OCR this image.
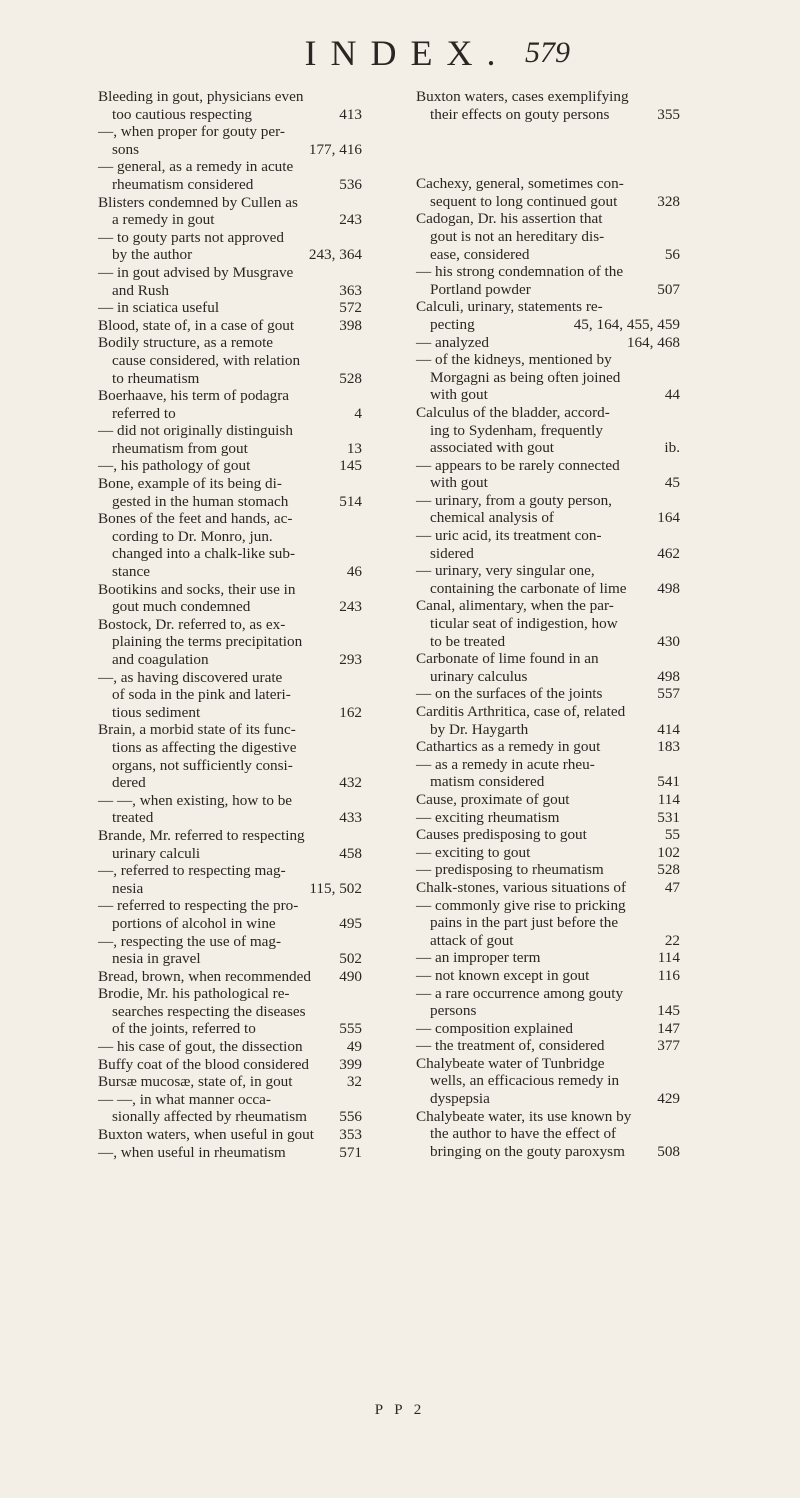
INDEX. 579
Bleeding in gout, physicians even
too cautious respecting	413
—, when proper for gouty per-
sons	177, 416
— general, as a remedy in acute
rheumatism considered	536
Blisters condemned by Cullen as
a remedy in gout	243
— to gouty parts not approved
by the author	243, 364
— in gout advised by Musgrave
and Rush	363
— in sciatica useful	572
Blood, state of, in a case of gout	398
Bodily structure, as a remote
cause considered, with relation
to rheumatism	528
Boerhaave, his term of podagra
referred to	4
— did not originally distinguish
rheumatism from gout	13
—, his pathology of gout	145
Bone, example of its being di-
gested in the human stomach	514
Bones of the feet and hands, ac-
cording to Dr. Monro, jun.
changed into a chalk-like sub-
stance	46
Bootikins and socks, their use in
gout much condemned	243
Bostock, Dr. referred to, as ex-
plaining the terms precipitation
and coagulation	293
—, as having discovered urate
of soda in the pink and lateri-
tious sediment	162
Brain, a morbid state of its func-
tions as affecting the digestive
organs, not sufficiently consi-
dered	432
— —, when existing, how to be
treated	433
Brande, Mr. referred to respecting
urinary calculi	458
—, referred to respecting mag-
nesia	115, 502
— referred to respecting the pro-
portions of alcohol in wine	495
—, respecting the use of mag-
nesia in gravel	502
Bread, brown, when recommended 490
Brodie, Mr. his pathological re-
searches respecting the diseases
of the joints, referred to	555
— his case of gout, the dissection	49
Buffy coat of the blood considered 399
Bursæ mucosæ, state of, in gout	32
— —, in what manner occa-
sionally affected by rheumatism 556
Buxton waters, when useful in gout 353
—, when useful in rheumatism	571
Buxton waters, cases exemplifying
their effects on gouty persons	355
Cachexy, general, sometimes con-
sequent to long continued gout	328
Cadogan, Dr. his assertion that
gout is not an hereditary dis-
ease, considered	56
— his strong condemnation of the
Portland powder	507
Calculi, urinary, statements re-
pecting	45, 164, 455, 459
— analyzed	164, 468
— of the kidneys, mentioned by
Morgagni as being often joined
with gout	44
Calculus of the bladder, accord-
ing to Sydenham, frequently
associated with gout	ib.
— appears to be rarely connected
with gout	45
— urinary, from a gouty person,
chemical analysis of	164
— uric acid, its treatment con-
sidered	462
— urinary, very singular one,
containing the carbonate of lime 498
Canal, alimentary, when the par-
ticular seat of indigestion, how
to be treated	430
Carbonate of lime found in an
urinary calculus	498
— on the surfaces of the joints	557
Carditis Arthritica, case of, related
by Dr. Haygarth	414
Cathartics as a remedy in gout	183
— as a remedy in acute rheu-
matism considered	541
Cause, proximate of gout	114
— exciting rheumatism	531
Causes predisposing to gout	55
— exciting to gout	102
— predisposing to rheumatism	528
Chalk-stones, various situations of	47
— commonly give rise to pricking
pains in the part just before the
attack of gout	22
— an improper term	114
— not known except in gout	116
— a rare occurrence among gouty
persons	145
— composition explained	147
— the treatment of, considered	377
Chalybeate water of Tunbridge
wells, an efficacious remedy in
dyspepsia	429
Chalybeate water, its use known by
the author to have the effect of
bringing on the gouty paroxysm 508
P P 2
